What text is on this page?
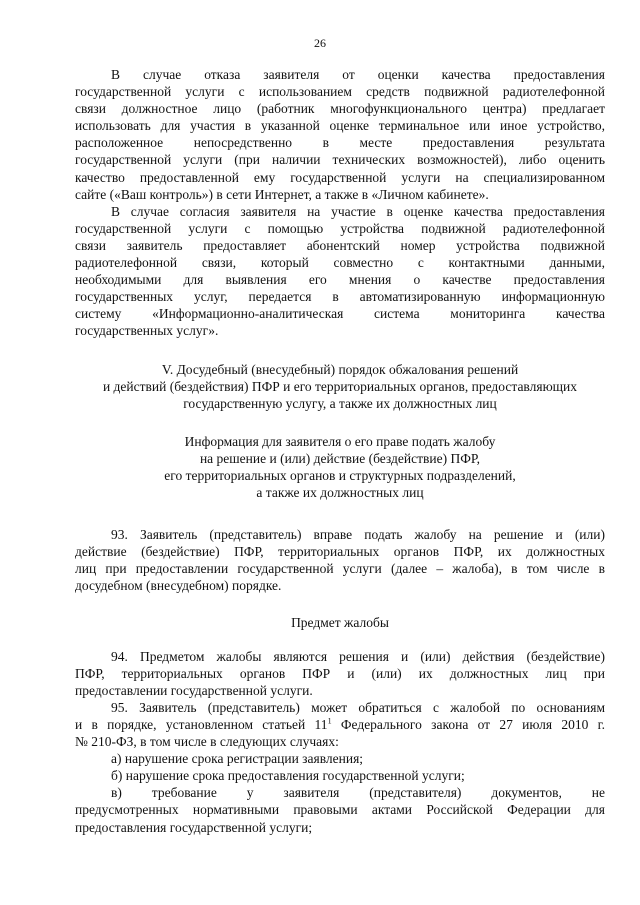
26

В случае отказа заявителя от оценки качества предоставления

государственной услуги с использованием средств подвижной радиотелефонной

связи должностное лицо (работник многофункционального центра) предлагает

использовать для участия в указанной оценке терминальное или иное устройство,

расположенное непосредственно в месте предоставления результата

государственной услуги (при наличии технических возможностей), либо оценить

качество предоставленной ему государственной услуги на специализированном

сайте («Ваш контроль») в сети Интернет, а также в «Личном кабинете».

В случае согласия заявителя на участие в оценке качества предоставления

государственной услуги с помощью устройства подвижной радиотелефонной

связи заявитель предоставляет абонентский номер устройства подвижной

радиотелефонной связи, который совместно с контактными данными,

необходимыми для выявления его мнения о качестве предоставления

государственных услуг, передается в автоматизированную информационную

систему «Информационно-аналитическая система мониторинга качества

государственных услуг».

V. Досудебный (внесудебный) порядок обжалования решений

и действий (бездействия) ПФР и его территориальных органов, предоставляющих

государственную услугу, а также их должностных лиц

Информация для заявителя о его праве подать жалобу

на решение и (или) действие (бездействие) ПФР,

его территориальных органов и структурных подразделений,

а также их должностных лиц

93. Заявитель (представитель) вправе подать жалобу на решение и (или)

действие (бездействие) ПФР, территориальных органов ПФР, их должностных

лиц при предоставлении государственной услуги (далее – жалоба), в том числе в

досудебном (внесудебном) порядке.

Предмет жалобы

94. Предметом жалобы являются решения и (или) действия (бездействие)

ПФР, территориальных органов ПФР и (или) их должностных лиц при

предоставлении государственной услуги.

95. Заявитель (представитель) может обратиться с жалобой по основаниям

и в порядке, установленном статьей $11^1$ Федерального закона от 27 июля 2010 г.

№ 210-ФЗ, в том числе в следующих случаях:

а) нарушение срока регистрации заявления;

б) нарушение срока предоставления государственной услуги;

в) требование у заявителя (представителя) документов, не

предусмотренных нормативными правовыми актами Российской Федерации для

предоставления государственной услуги;
